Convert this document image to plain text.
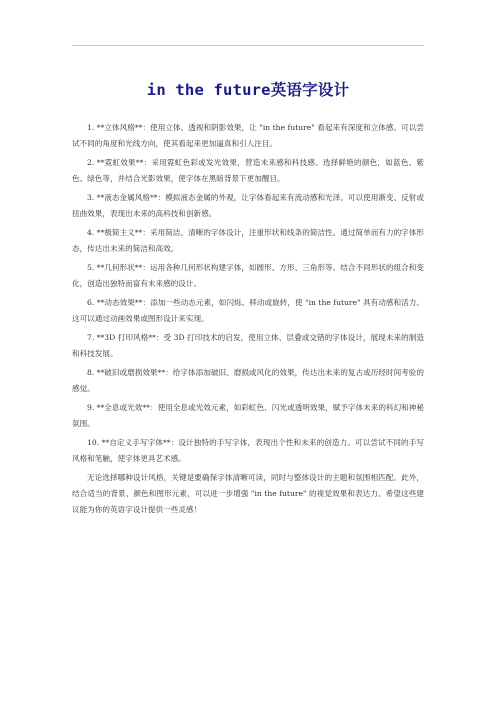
in the future英语字设计

1. **立体风格**：使用立体、透视和阴影效果，让 "in the future" 看起来有深度和立体感。可以尝试不同的角度和光线方向，使其看起来更加逼真和引人注目。

2. **霓虹效果**：采用霓虹色彩或发光效果，营造未来感和科技感。选择鲜艳的颜色，如蓝色、紫色、绿色等，并结合光影效果，使字体在黑暗背景下更加醒目。

3. **液态金属风格**：模拟液态金属的外观，让字体看起来有流动感和光泽。可以使用渐变、反射或扭曲效果，表现出未来的高科技和创新感。

4. **极简主义**：采用简洁、清晰的字体设计，注重形状和线条的简洁性。通过简单而有力的字体形态，传达出未来的简洁和高效。

5. **几何形状**：运用各种几何形状构建字体，如圆形、方形、三角形等。结合不同形状的组合和变化，创造出独特而富有未来感的设计。

6. **动态效果**：添加一些动态元素，如闪烁、移动或旋转，使 "in the future" 具有动感和活力。这可以通过动画效果或图形设计来实现。

7. **3D 打印风格**：受 3D 打印技术的启发，使用立体、层叠或交错的字体设计，展现未来的制造和科技发展。

8. **破旧或磨损效果**：给字体添加破旧、磨损或风化的效果，传达出未来的复古或历经时间考验的感觉。

9. **全息或光效**：使用全息或光效元素，如彩虹色、闪光或透明效果，赋予字体未来的科幻和神秘氛围。

10. **自定义手写字体**：设计独特的手写字体，表现出个性和未来的创造力。可以尝试不同的手写风格和笔触，使字体更具艺术感。

无论选择哪种设计风格，关键是要确保字体清晰可读，同时与整体设计的主题和氛围相匹配。此外，结合适当的背景、颜色和图形元素，可以进一步增强 "in the future" 的视觉效果和表达力。希望这些建议能为你的英语字设计提供一些灵感！
